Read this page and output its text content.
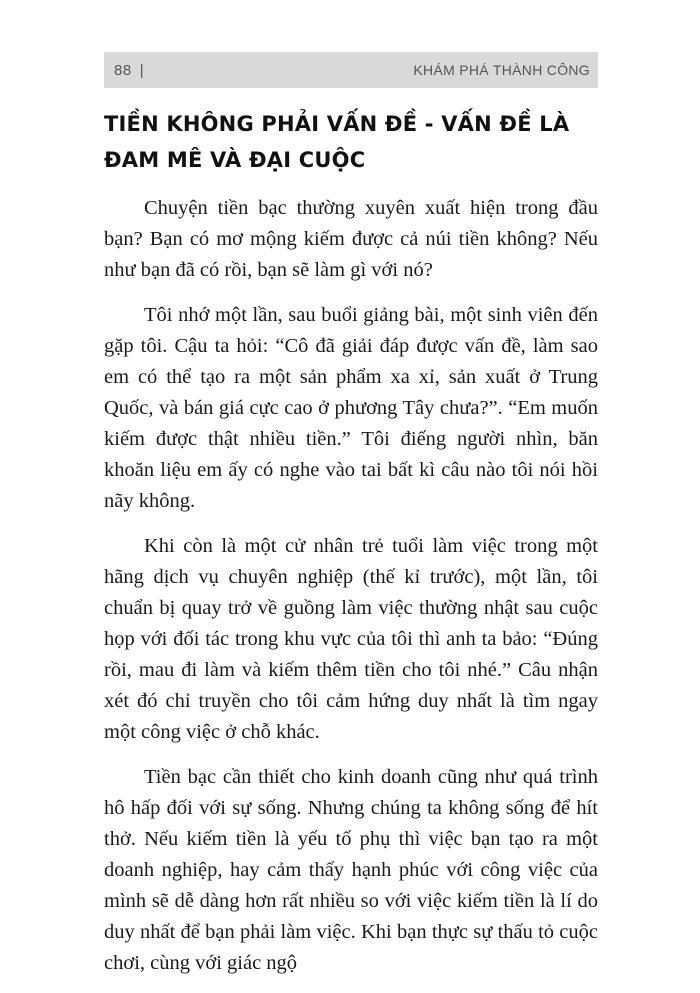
88 |	KHÁM PHÁ THÀNH CÔNG
TIỀN KHÔNG PHẢI VẤN ĐỀ - VẤN ĐỀ LÀ ĐAM MÊ VÀ ĐẠI CUỘC

Chuyện tiền bạc thường xuyên xuất hiện trong đầu bạn? Bạn có mơ mộng kiếm được cả núi tiền không? Nếu như bạn đã có rồi, bạn sẽ làm gì với nó?

Tôi nhớ một lần, sau buổi giảng bài, một sinh viên đến gặp tôi. Cậu ta hỏi: “Cô đã giải đáp được vấn đề, làm sao em có thể tạo ra một sản phẩm xa xỉ, sản xuất ở Trung Quốc, và bán giá cực cao ở phương Tây chưa?”. “Em muốn kiếm được thật nhiều tiền.” Tôi điếng người nhìn, băn khoăn liệu em ấy có nghe vào tai bất kì câu nào tôi nói hồi nãy không.

Khi còn là một cử nhân trẻ tuổi làm việc trong một hãng dịch vụ chuyên nghiệp (thế kỉ trước), một lần, tôi chuẩn bị quay trở về guồng làm việc thường nhật sau cuộc họp với đối tác trong khu vực của tôi thì anh ta bảo: “Đúng rồi, mau đi làm và kiếm thêm tiền cho tôi nhé.” Câu nhận xét đó chỉ truyền cho tôi cảm hứng duy nhất là tìm ngay một công việc ở chỗ khác.

Tiền bạc cần thiết cho kinh doanh cũng như quá trình hô hấp đối với sự sống. Nhưng chúng ta không sống để hít thở. Nếu kiếm tiền là yếu tố phụ thì việc bạn tạo ra một doanh nghiệp, hay cảm thấy hạnh phúc với công việc của mình sẽ dễ dàng hơn rất nhiều so với việc kiếm tiền là lí do duy nhất để bạn phải làm việc. Khi bạn thực sự thấu tỏ cuộc chơi, cùng với giác ngộ
